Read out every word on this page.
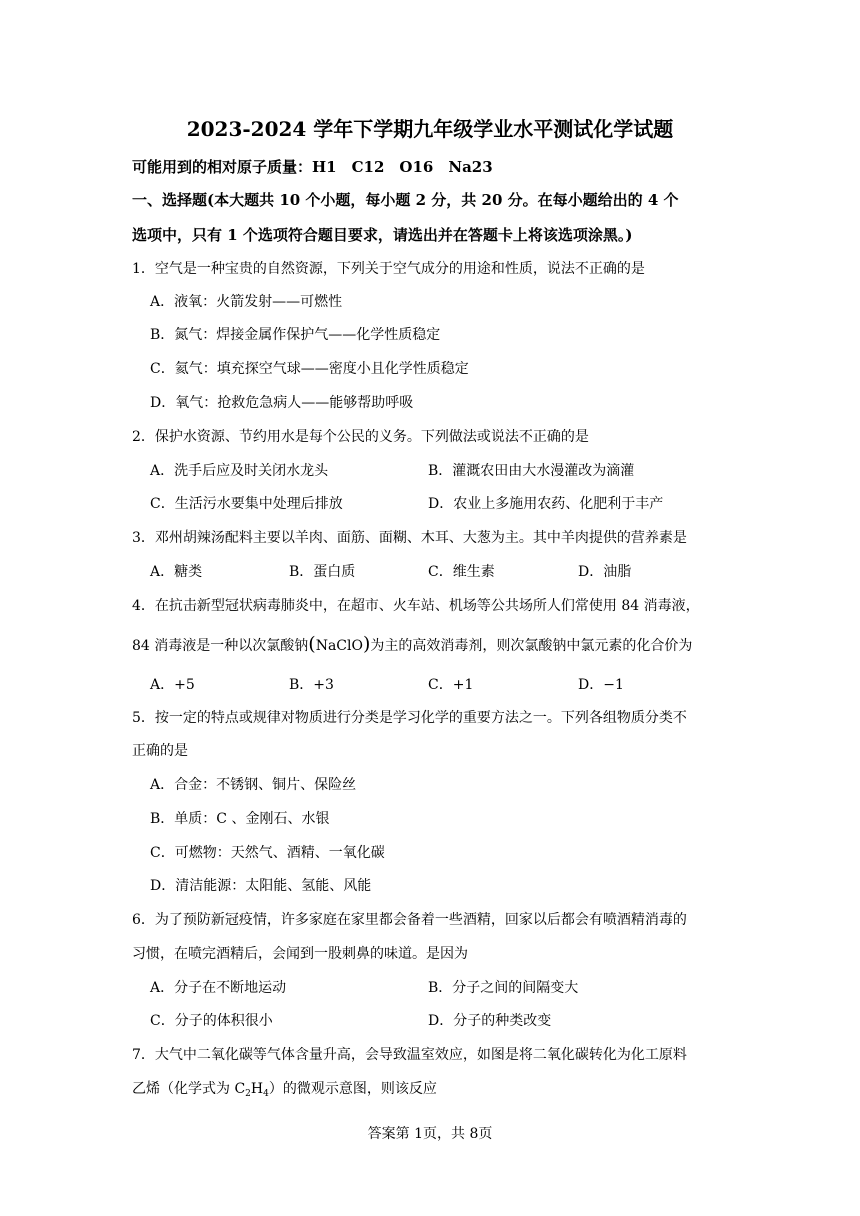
2023-2024 学年下学期九年级学业水平测试化学试题
可能用到的相对原子质量：H1　C12　O16　Na23
一、选择题(本大题共 10 个小题，每小题 2 分，共 20 分。在每小题给出的 4 个
选项中，只有 1 个选项符合题目要求，请选出并在答题卡上将该选项涂黑。)
1．空气是一种宝贵的自然资源，下列关于空气成分的用途和性质，说法不正确的是
A．液氧：火箭发射——可燃性
B．氮气：焊接金属作保护气——化学性质稳定
C．氦气：填充探空气球——密度小且化学性质稳定
D．氧气：抢救危急病人——能够帮助呼吸
2．保护水资源、节约用水是每个公民的义务。下列做法或说法不正确的是
A．洗手后应及时关闭水龙头	B．灌溉农田由大水漫灌改为滴灌
C．生活污水要集中处理后排放	D．农业上多施用农药、化肥利于丰产
3．邓州胡辣汤配料主要以羊肉、面筋、面糊、木耳、大葱为主。其中羊肉提供的营养素是
A．糖类	B．蛋白质	C．维生素	D．油脂
4．在抗击新型冠状病毒肺炎中，在超市、火车站、机场等公共场所人们常使用 84 消毒液，
84 消毒液是一种以次氯酸钠(NaClO)为主的高效消毒剂，则次氯酸钠中氯元素的化合价为
A．+5	B．+3	C．+1	D．−1
5．按一定的特点或规律对物质进行分类是学习化学的重要方法之一。下列各组物质分类不
正确的是
A．合金：不锈钢、铜片、保险丝
B．单质：C 、金刚石、水银
C．可燃物：天然气、酒精、一氧化碳
D．清洁能源：太阳能、氢能、风能
6．为了预防新冠疫情，许多家庭在家里都会备着一些酒精，回家以后都会有喷酒精消毒的
习惯，在喷完酒精后，会闻到一股刺鼻的味道。是因为
A．分子在不断地运动	B．分子之间的间隔变大
C．分子的体积很小	D．分子的种类改变
7．大气中二氧化碳等气体含量升高，会导致温室效应，如图是将二氧化碳转化为化工原料
乙烯（化学式为 $C_2H_4$）的微观示意图，则该反应
答案第 1页，共 8页
